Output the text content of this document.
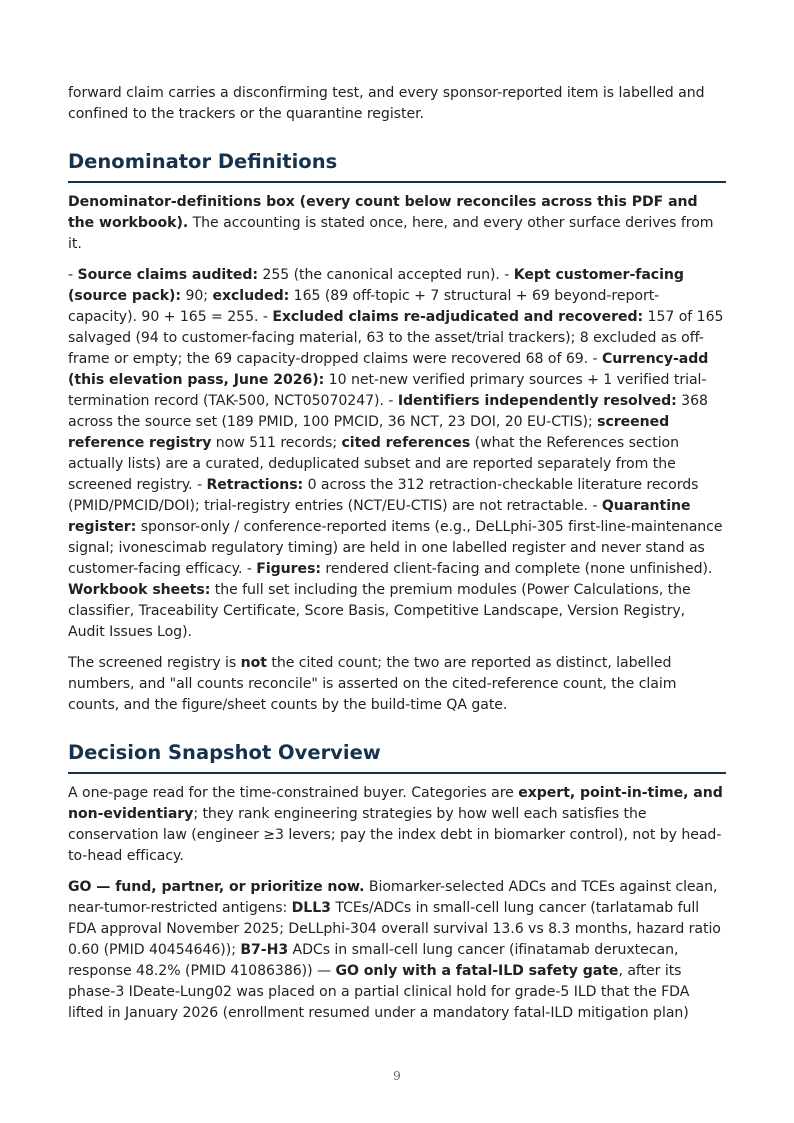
forward claim carries a disconfirming test, and every sponsor-reported item is labelled and confined to the trackers or the quarantine register.

Denominator Definitions

Denominator-definitions box (every count below reconciles across this PDF and the workbook). The accounting is stated once, here, and every other surface derives from it.

- Source claims audited: 255 (the canonical accepted run). - Kept customer-facing (source pack): 90; excluded: 165 (89 off-topic + 7 structural + 69 beyond-report-capacity). 90 + 165 = 255. - Excluded claims re-adjudicated and recovered: 157 of 165 salvaged (94 to customer-facing material, 63 to the asset/trial trackers); 8 excluded as off-frame or empty; the 69 capacity-dropped claims were recovered 68 of 69. - Currency-add (this elevation pass, June 2026): 10 net-new verified primary sources + 1 verified trial-termination record (TAK-500, NCT05070247). - Identifiers independently resolved: 368 across the source set (189 PMID, 100 PMCID, 36 NCT, 23 DOI, 20 EU-CTIS); screened reference registry now 511 records; cited references (what the References section actually lists) are a curated, deduplicated subset and are reported separately from the screened registry. - Retractions: 0 across the 312 retraction-checkable literature records (PMID/PMCID/DOI); trial-registry entries (NCT/EU-CTIS) are not retractable. - Quarantine register: sponsor-only / conference-reported items (e.g., DeLLphi-305 first-line-maintenance signal; ivonescimab regulatory timing) are held in one labelled register and never stand as customer-facing efficacy. - Figures: rendered client-facing and complete (none unfinished). Workbook sheets: the full set including the premium modules (Power Calculations, the classifier, Traceability Certificate, Score Basis, Competitive Landscape, Version Registry, Audit Issues Log).

The screened registry is not the cited count; the two are reported as distinct, labelled numbers, and "all counts reconcile" is asserted on the cited-reference count, the claim counts, and the figure/sheet counts by the build-time QA gate.

Decision Snapshot Overview

A one-page read for the time-constrained buyer. Categories are expert, point-in-time, and non-evidentiary; they rank engineering strategies by how well each satisfies the conservation law (engineer ≥3 levers; pay the index debt in biomarker control), not by head-to-head efficacy.

GO — fund, partner, or prioritize now. Biomarker-selected ADCs and TCEs against clean, near-tumor-restricted antigens: DLL3 TCEs/ADCs in small-cell lung cancer (tarlatamab full FDA approval November 2025; DeLLphi-304 overall survival 13.6 vs 8.3 months, hazard ratio 0.60 (PMID 40454646)); B7-H3 ADCs in small-cell lung cancer (ifinatamab deruxtecan, response 48.2% (PMID 41086386)) — GO only with a fatal-ILD safety gate, after its phase-3 IDeate-Lung02 was placed on a partial clinical hold for grade-5 ILD that the FDA lifted in January 2026 (enrollment resumed under a mandatory fatal-ILD mitigation plan)

9
